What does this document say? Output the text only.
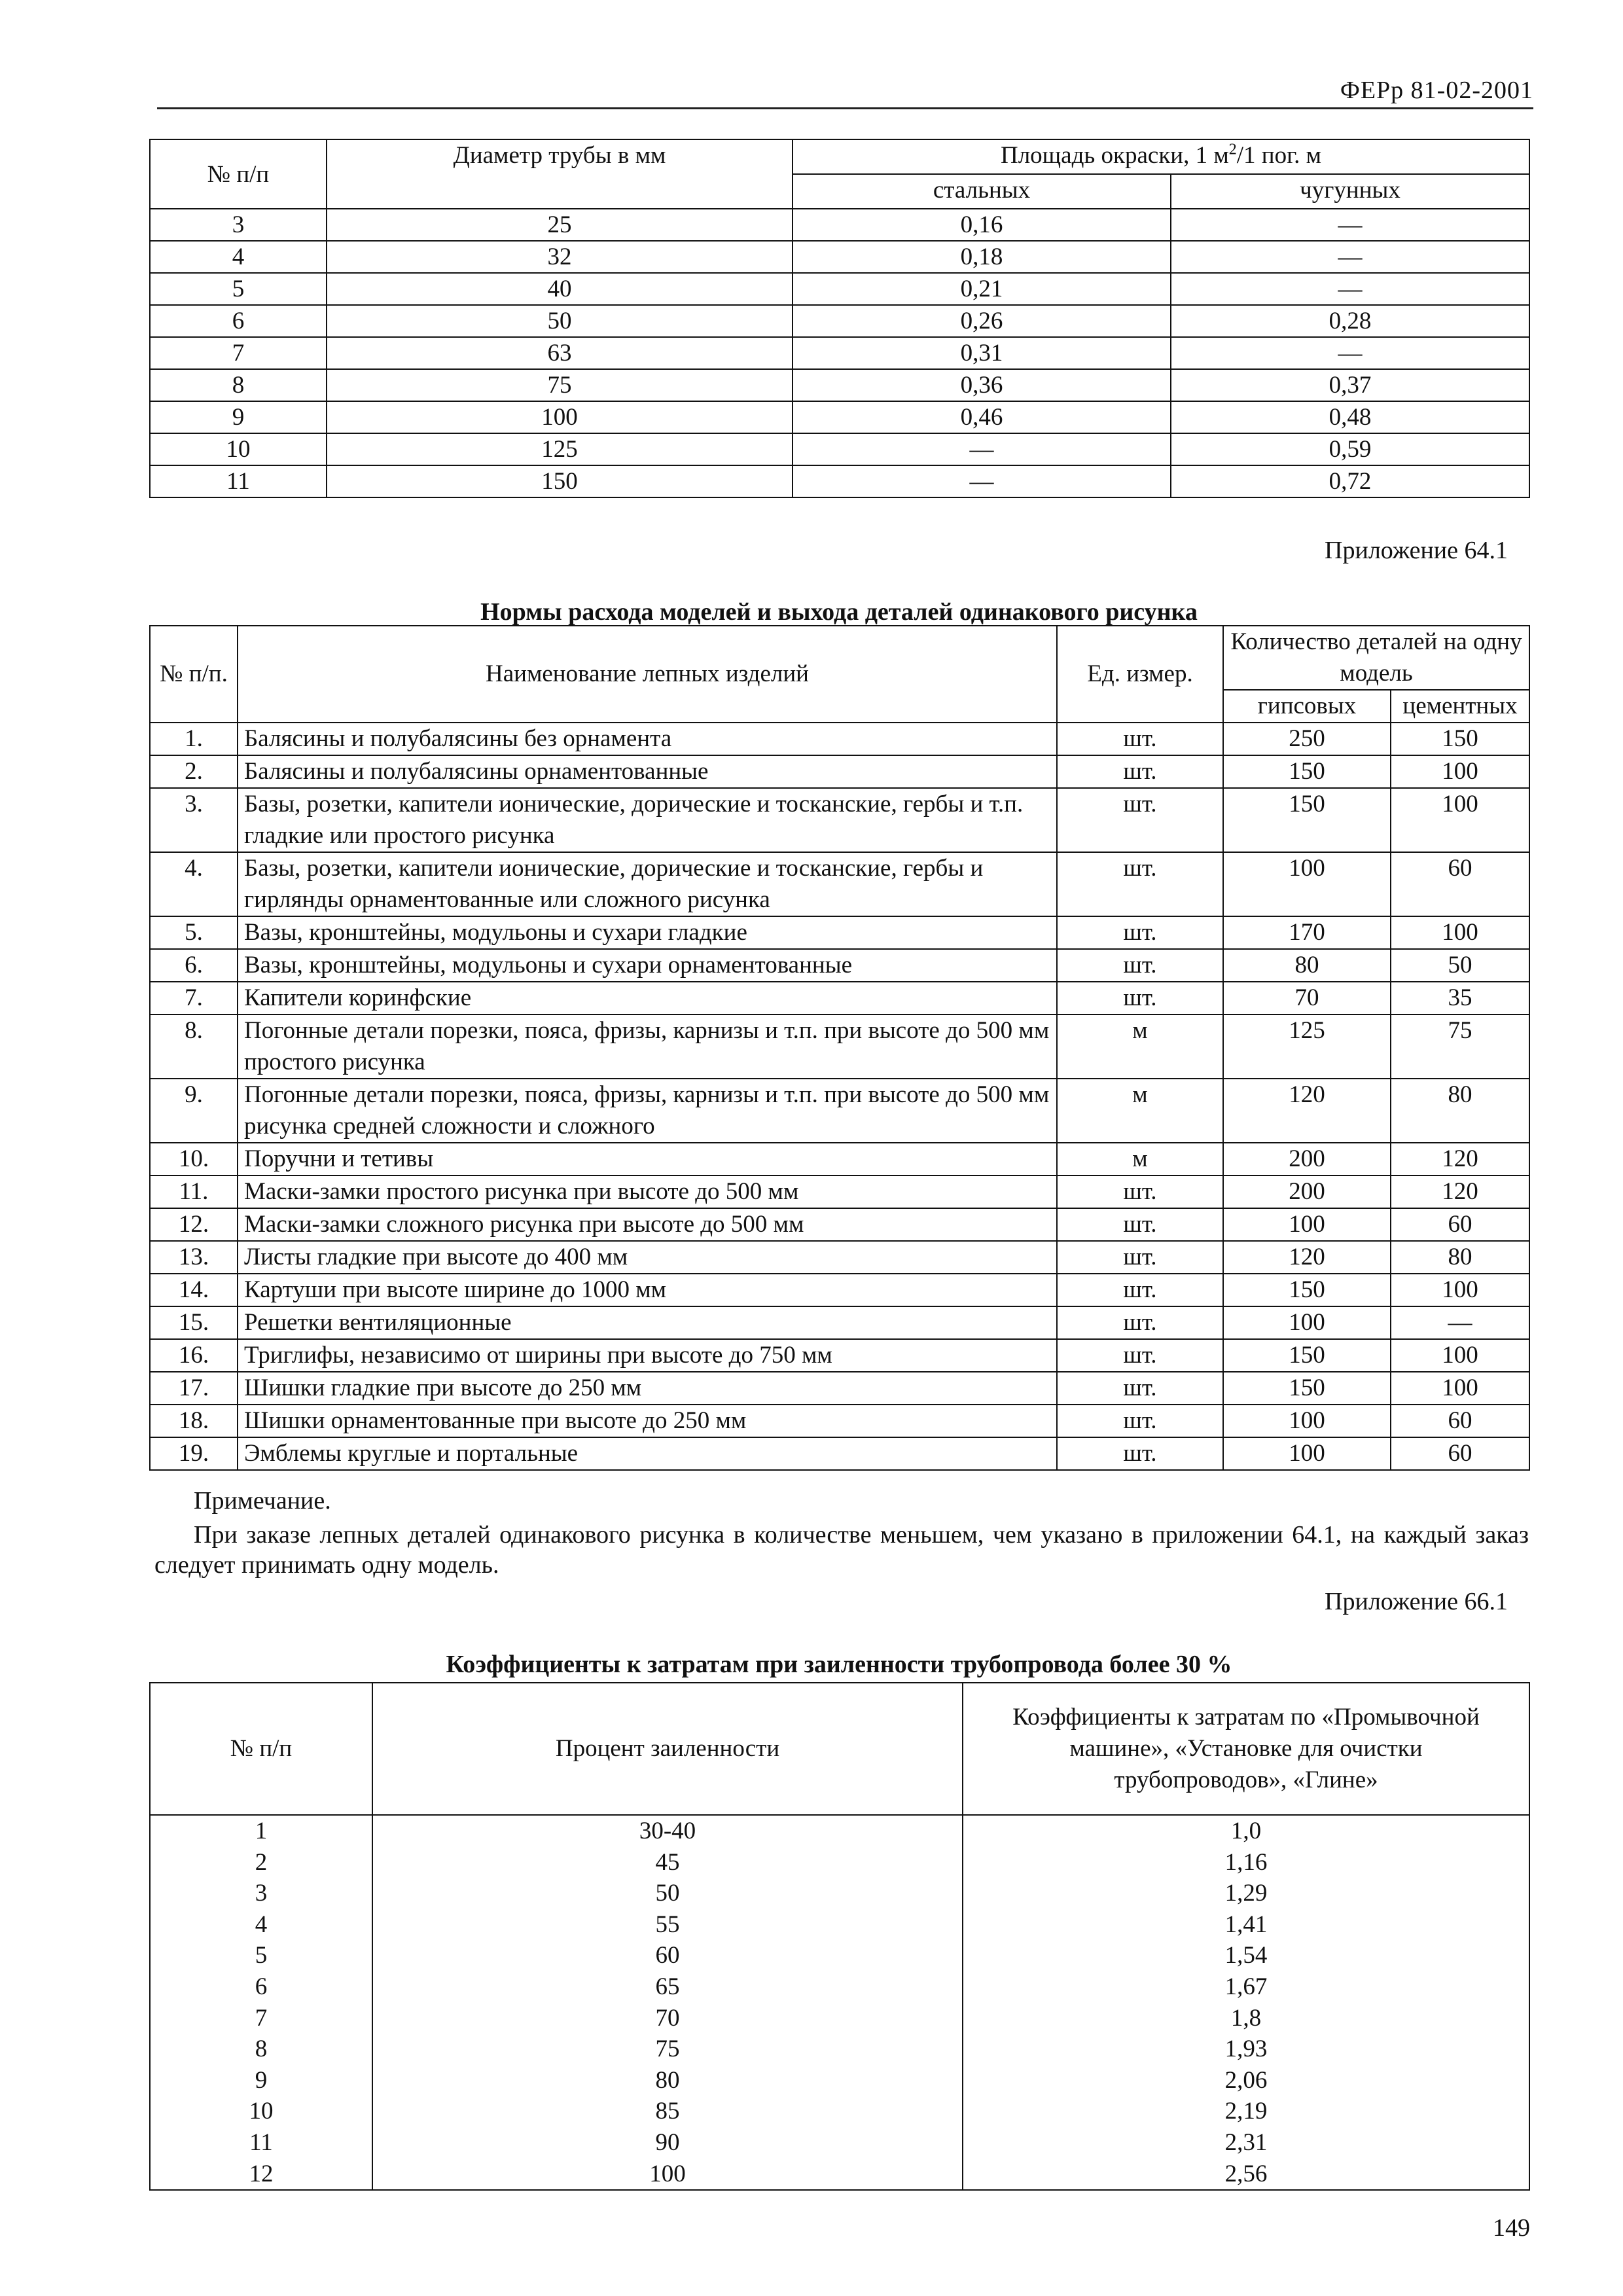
ФЕРр 81-02-2001
№ п/п	Диаметр трубы в мм	Площадь окраски, 1 $м^2/1$ пог. м	
		стальных	чугунных
3	25	0,16	—
4	32	0,18	—
5	40	0,21	—
6	50	0,26	0,28
7	63	0,31	—
8	75	0,36	0,37
9	100	0,46	0,48
10	125	—	0,59
11	150	—	0,72
Приложение 64.1
Нормы расхода моделей и выхода деталей одинакового рисунка
№ п/п.	Наименование лепных изделий	Ед. измер.	Количество деталей на одну модель	
			гипсовых	цементных
1.	Балясины и полубалясины без орнамента	шт.	250	150
2.	Балясины и полубалясины орнаментованные	шт.	150	100
3.	Базы, розетки, капители ионические, дорические и тосканские, гербы и т.п. гладкие или простого рисунка	шт.	150	100
4.	Базы, розетки, капители ионические, дорические и тосканские, гербы и гирлянды орнаментованные или сложного рисунка	шт.	100	60
5.	Вазы, кронштейны, модульоны и сухари гладкие	шт.	170	100
6.	Вазы, кронштейны, модульоны и сухари орнаментованные	шт.	80	50
7.	Капители коринфские	шт.	70	35
8.	Погонные детали порезки, пояса, фризы, карнизы и т.п. при высоте до 500 мм простого рисунка	м	125	75
9.	Погонные детали порезки, пояса, фризы, карнизы и т.п. при высоте до 500 мм рисунка средней сложности и сложного	м	120	80
10.	Поручни и тетивы	м	200	120
11.	Маски-замки простого рисунка при высоте до 500 мм	шт.	200	120
12.	Маски-замки сложного рисунка при высоте до 500 мм	шт.	100	60
13.	Листы гладкие при высоте до 400 мм	шт.	120	80
14.	Картуши при высоте ширине до 1000 мм	шт.	150	100
15.	Решетки вентиляционные	шт.	100	—
16.	Триглифы, независимо от ширины при высоте до 750 мм	шт.	150	100
17.	Шишки гладкие при высоте до 250 мм	шт.	150	100
18.	Шишки орнаментованные при высоте до 250 мм	шт.	100	60
19.	Эмблемы круглые и портальные	шт.	100	60
Примечание.
При заказе лепных деталей одинакового рисунка в количестве меньшем, чем указано в приложении 64.1, на каждый заказ следует принимать одну модель.
Приложение 66.1
Коэффициенты к затратам при заиленности трубопровода более 30 %
№ п/п	Процент заиленности	Коэффициенты к затратам по «Промывочной машине», «Установке для очистки трубопроводов», «Глине»
1	30-40	1,0
2	45	1,16
3	50	1,29
4	55	1,41
5	60	1,54
6	65	1,67
7	70	1,8
8	75	1,93
9	80	2,06
10	85	2,19
11	90	2,31
12	100	2,56
149
